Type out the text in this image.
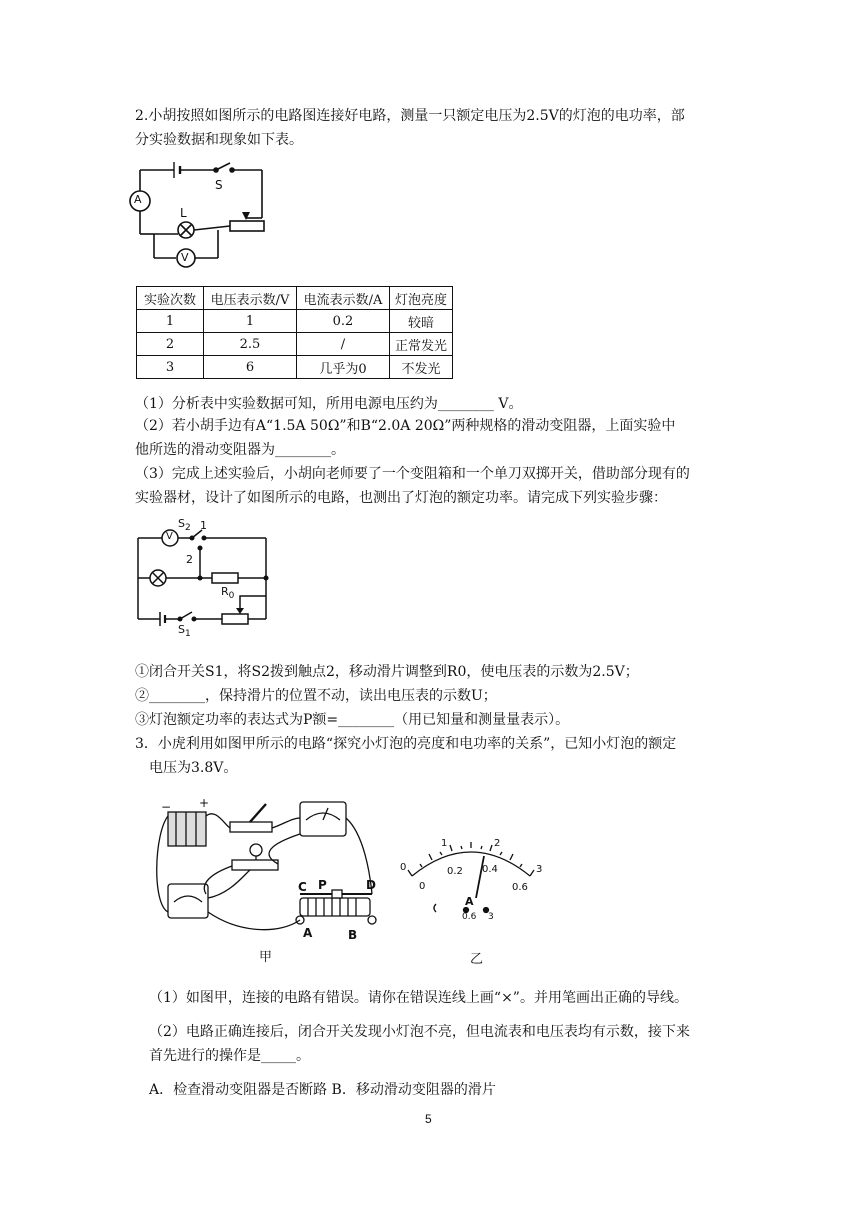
2.小胡按照如图所示的电路图连接好电路，测量一只额定电压为2.5V的灯泡的电功率，部
分实验数据和现象如下表。
A
S
L
V
实验次数	电压表示数/V	电流表示数/A	灯泡亮度
1	1	0.2	较暗
2	2.5	/	正常发光
3	6	几乎为0	不发光
（1）分析表中实验数据可知，所用电源电压约为________ V。
（2）若小胡手边有A“1.5A 50Ω”和B“2.0A 20Ω”两种规格的滑动变阻器，上面实验中
他所选的滑动变阻器为________。
（3）完成上述实验后，小胡向老师要了一个变阻箱和一个单刀双掷开关，借助部分现有的
实验器材，设计了如图所示的电路，也测出了灯泡的额定功率。请完成下列实验步骤：
$S_2$ 1
2
V
$R_0$
$S_1$
①闭合开关S1，将S2拨到触点2，移动滑片调整到R0，使电压表的示数为2.5V；
②________，保持滑片的位置不动，读出电压表的示数U；
③灯泡额定功率的表达式为P额=________（用已知量和测量量表示）。
3．小虎利用如图甲所示的电路“探究小灯泡的亮度和电功率的关系”，已知小灯泡的额定
电压为3.8V。
− +
C P	D
A	B
0
1	2
3
0
0.2 0.4
0.6
A
0.6 3
甲	乙
（1）如图甲，连接的电路有错误。请你在错误连线上画“×”。并用笔画出正确的导线。
（2）电路正确连接后，闭合开关发现小灯泡不亮，但电流表和电压表均有示数，接下来
首先进行的操作是_____。
A．检查滑动变阻器是否断路 B．移动滑动变阻器的滑片
5
